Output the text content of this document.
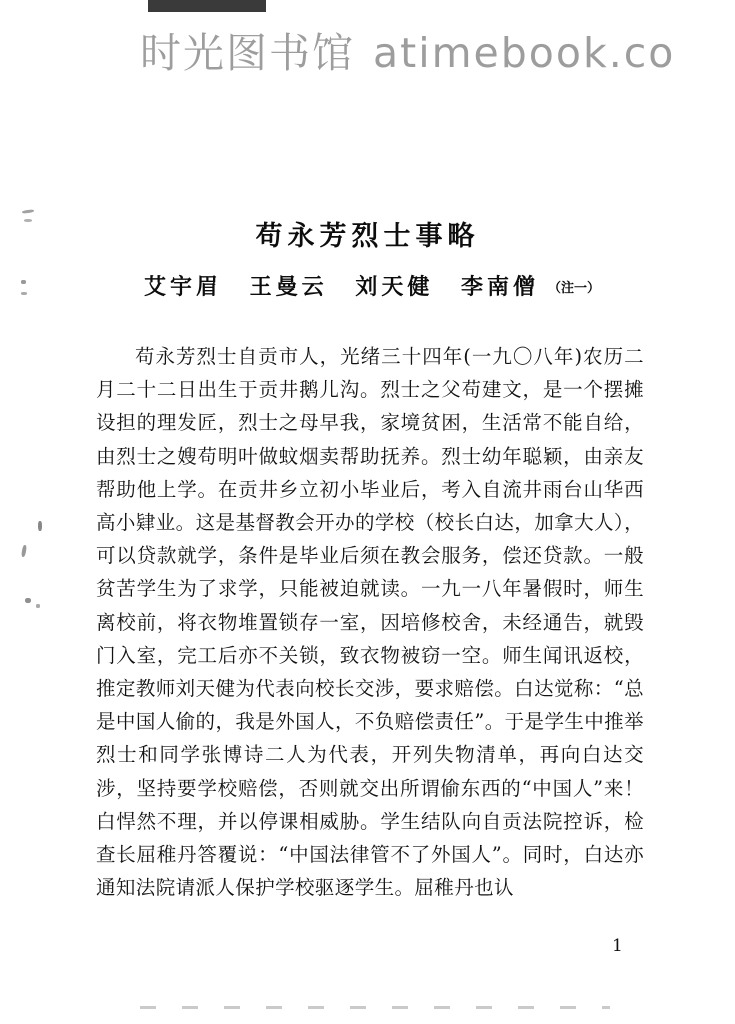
时光图书馆 atimebook.co
苟永芳烈士事略
艾宇眉 王曼云 刘天健 李南僧 （注一）

苟永芳烈士自贡市人，光绪三十四年(一九〇八年)农历二月二十二日出生于贡井鹅儿沟。烈士之父苟建文，是一个摆摊设担的理发匠，烈士之母早我，家境贫困，生活常不能自给，由烈士之嫂苟明叶做蚊烟卖帮助抚养。烈士幼年聪颖，由亲友帮助他上学。在贡井乡立初小毕业后，考入自流井雨台山华西高小肄业。这是基督教会开办的学校（校长白达，加拿大人），可以贷款就学，条件是毕业后须在教会服务，偿还贷款。一般贫苦学生为了求学，只能被迫就读。一九一八年暑假时，师生离校前，将衣物堆置锁存一室，因培修校舍，未经通告，就毁门入室，完工后亦不关锁，致衣物被窃一空。师生闻讯返校，推定教师刘天健为代表向校长交涉，要求赔偿。白达觉称：“总是中国人偷的，我是外国人，不负赔偿责任”。于是学生中推举烈士和同学张博诗二人为代表，开列失物清单，再向白达交涉，坚持要学校赔偿，否则就交出所谓偷东西的“中国人”来！白悍然不理，并以停课相威胁。学生结队向自贡法院控诉，检查长屈稚丹答覆说：“中国法律管不了外国人”。同时，白达亦通知法院请派人保护学校驱逐学生。屈稚丹也认

1
